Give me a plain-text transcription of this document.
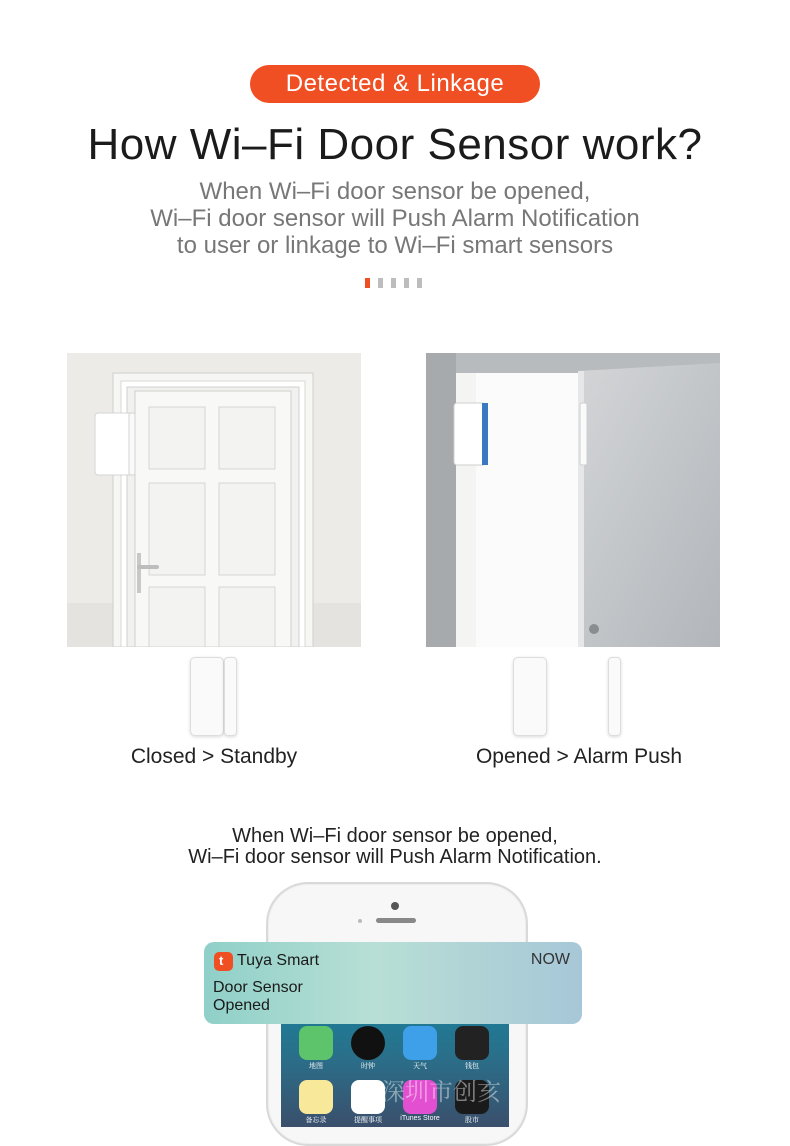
Detected & Linkage
How Wi–Fi Door Sensor work?
When Wi–Fi door sensor be opened,
Wi–Fi door sensor will Push Alarm Notification
to user or linkage to Wi–Fi smart sensors
Closed > Standby	Opened > Alarm Push
When Wi–Fi door sensor be opened,
Wi–Fi door sensor will Push Alarm Notification.
地图	时钟	天气	钱包
备忘录	提醒事项	iTunes Store	股市
深圳市创亥
t Tuya Smart	NOW
Door Sensor
Opened
